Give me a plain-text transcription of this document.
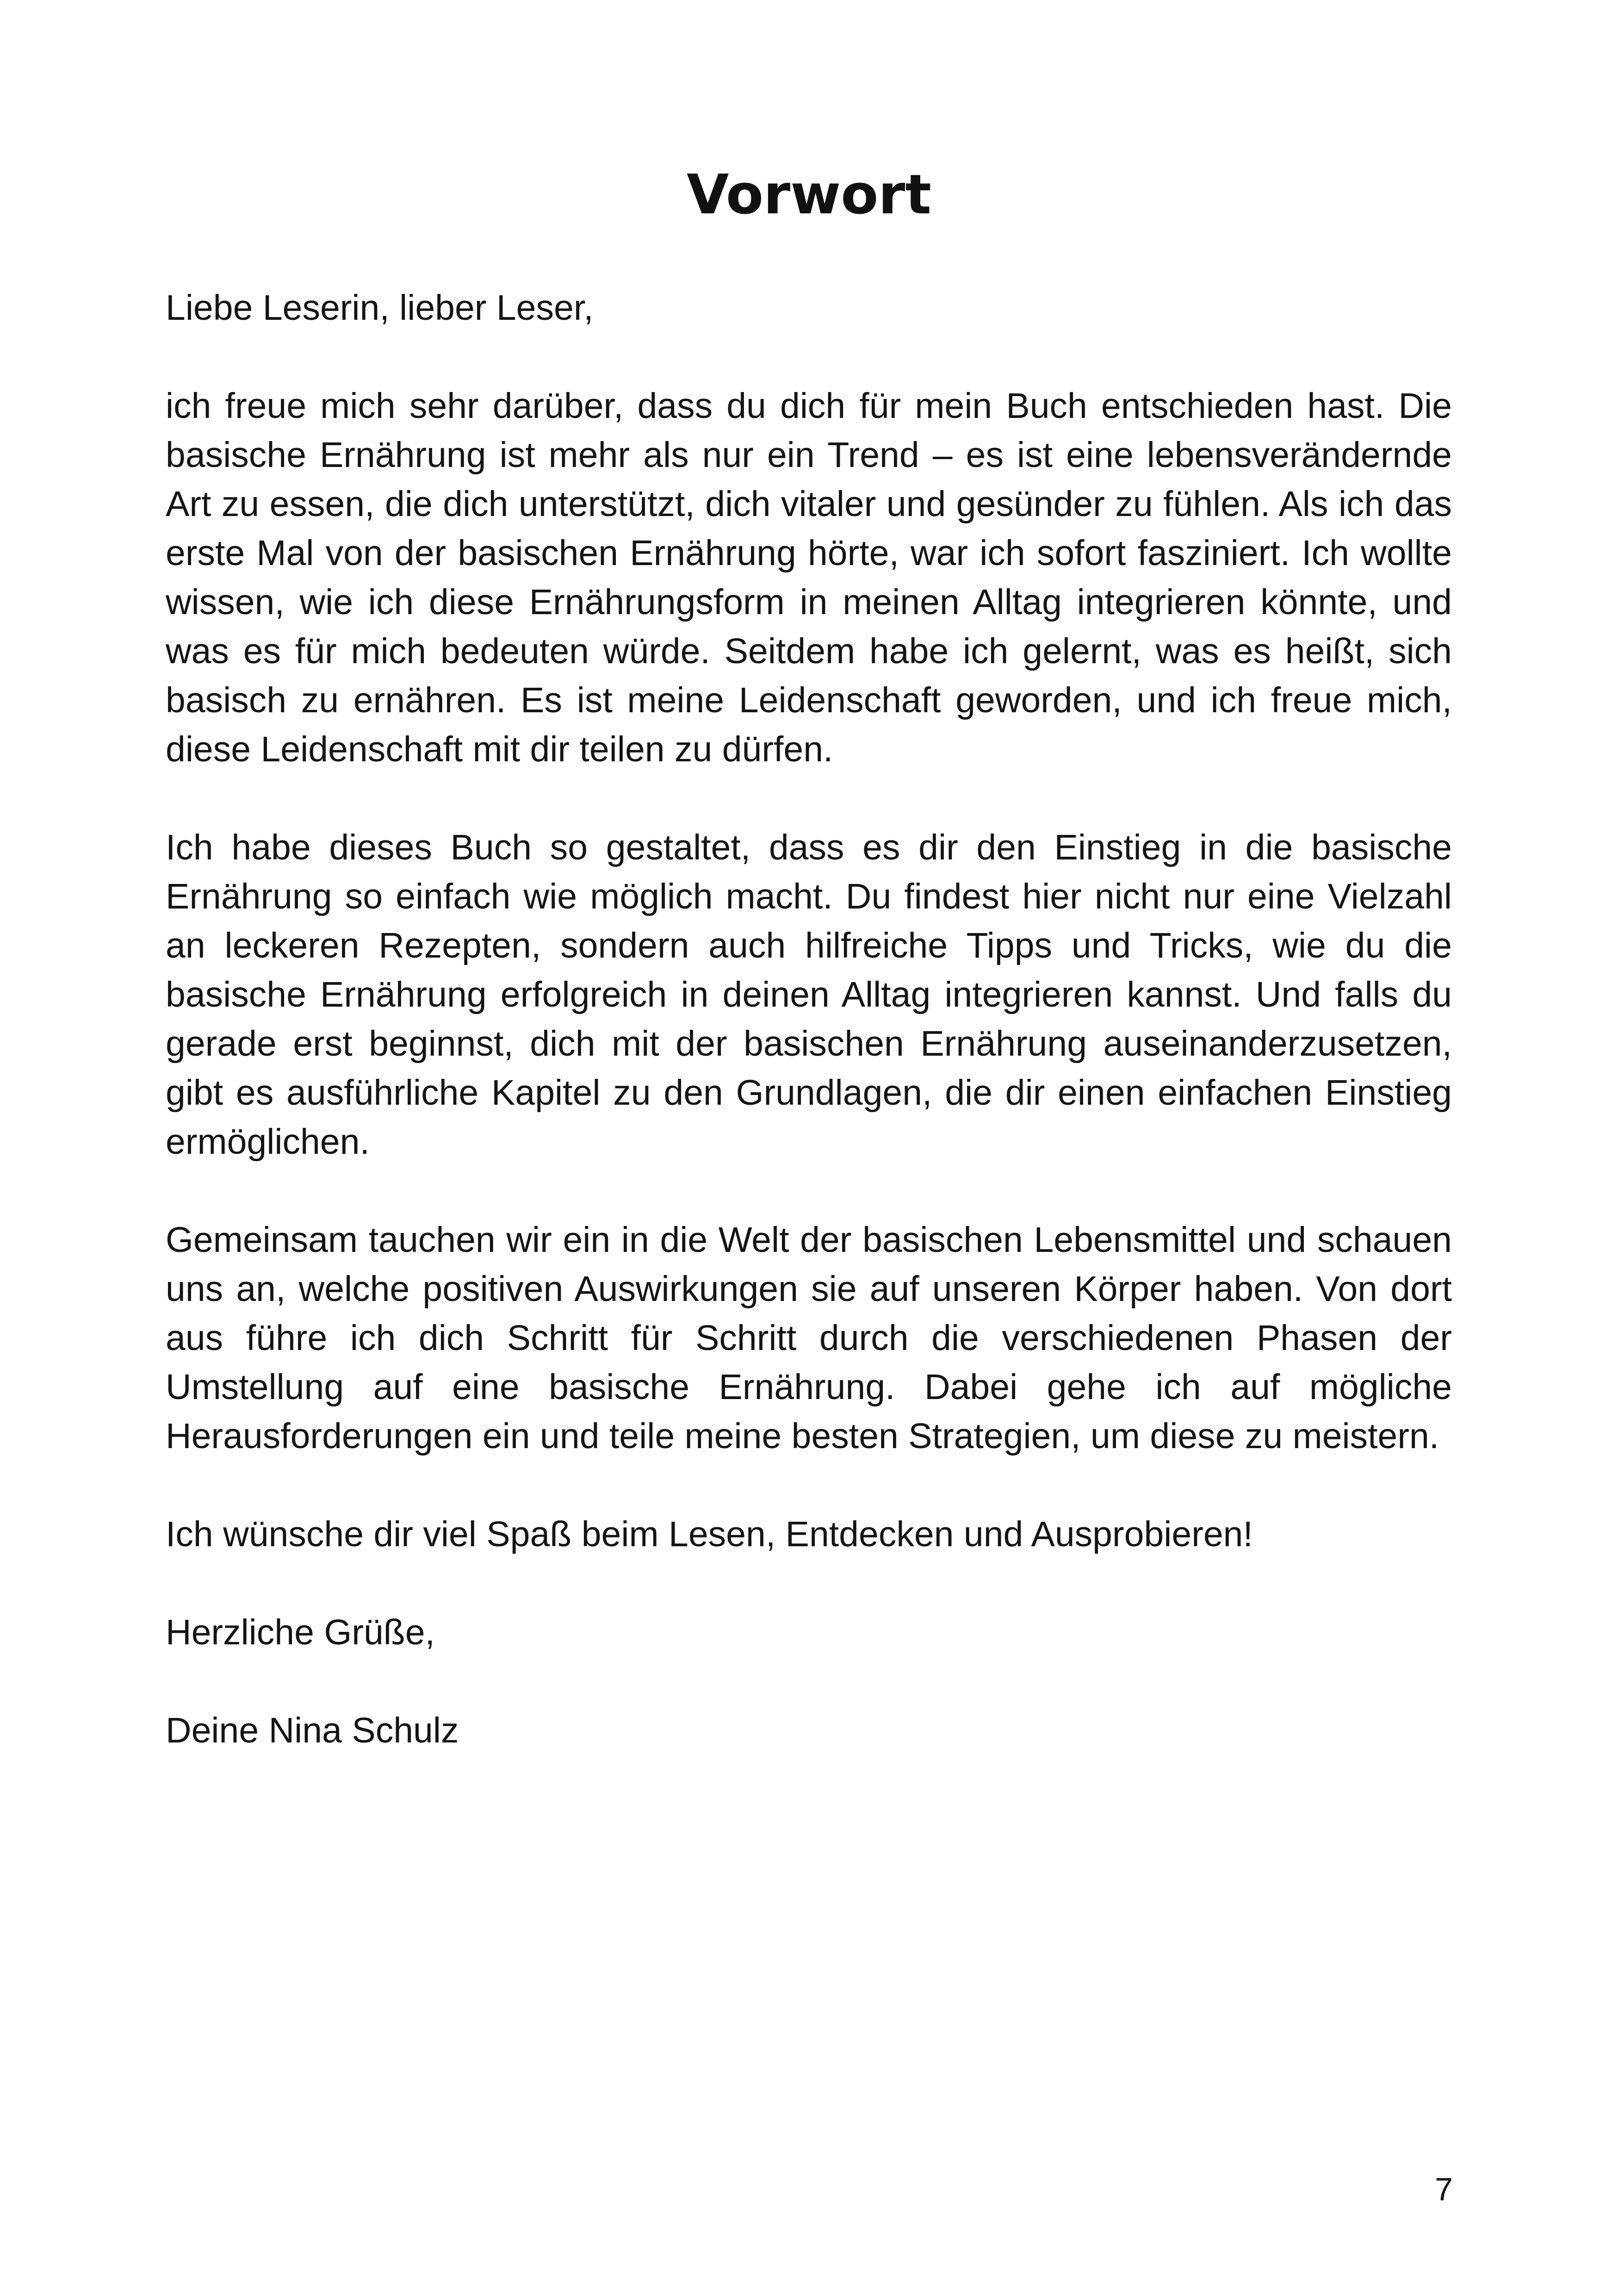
Vorwort

Liebe Leserin, lieber Leser,

ich freue mich sehr darüber, dass du dich für mein Buch entschieden hast. Die basische Ernährung ist mehr als nur ein Trend – es ist eine lebensverändernde Art zu essen, die dich unterstützt, dich vitaler und gesünder zu fühlen. Als ich das erste Mal von der basischen Ernährung hörte, war ich sofort fasziniert. Ich wollte wissen, wie ich diese Ernährungsform in meinen Alltag integrieren könnte, und was es für mich bedeuten würde. Seitdem habe ich gelernt, was es heißt, sich basisch zu ernähren. Es ist meine Leidenschaft geworden, und ich freue mich, diese Leidenschaft mit dir teilen zu dürfen.

Ich habe dieses Buch so gestaltet, dass es dir den Einstieg in die basische Ernährung so einfach wie möglich macht. Du findest hier nicht nur eine Vielzahl an leckeren Rezepten, sondern auch hilfreiche Tipps und Tricks, wie du die basische Ernährung erfolgreich in deinen Alltag integrieren kannst. Und falls du gerade erst beginnst, dich mit der basischen Ernährung auseinanderzusetzen, gibt es ausführliche Kapitel zu den Grundlagen, die dir einen einfachen Einstieg ermöglichen.

Gemeinsam tauchen wir ein in die Welt der basischen Lebensmittel und schauen uns an, welche positiven Auswirkungen sie auf unseren Körper haben. Von dort aus führe ich dich Schritt für Schritt durch die verschiedenen Phasen der Umstellung auf eine basische Ernährung. Dabei gehe ich auf mögliche Herausforderungen ein und teile meine besten Strategien, um diese zu meistern.

Ich wünsche dir viel Spaß beim Lesen, Entdecken und Ausprobieren!

Herzliche Grüße,

Deine Nina Schulz

7
